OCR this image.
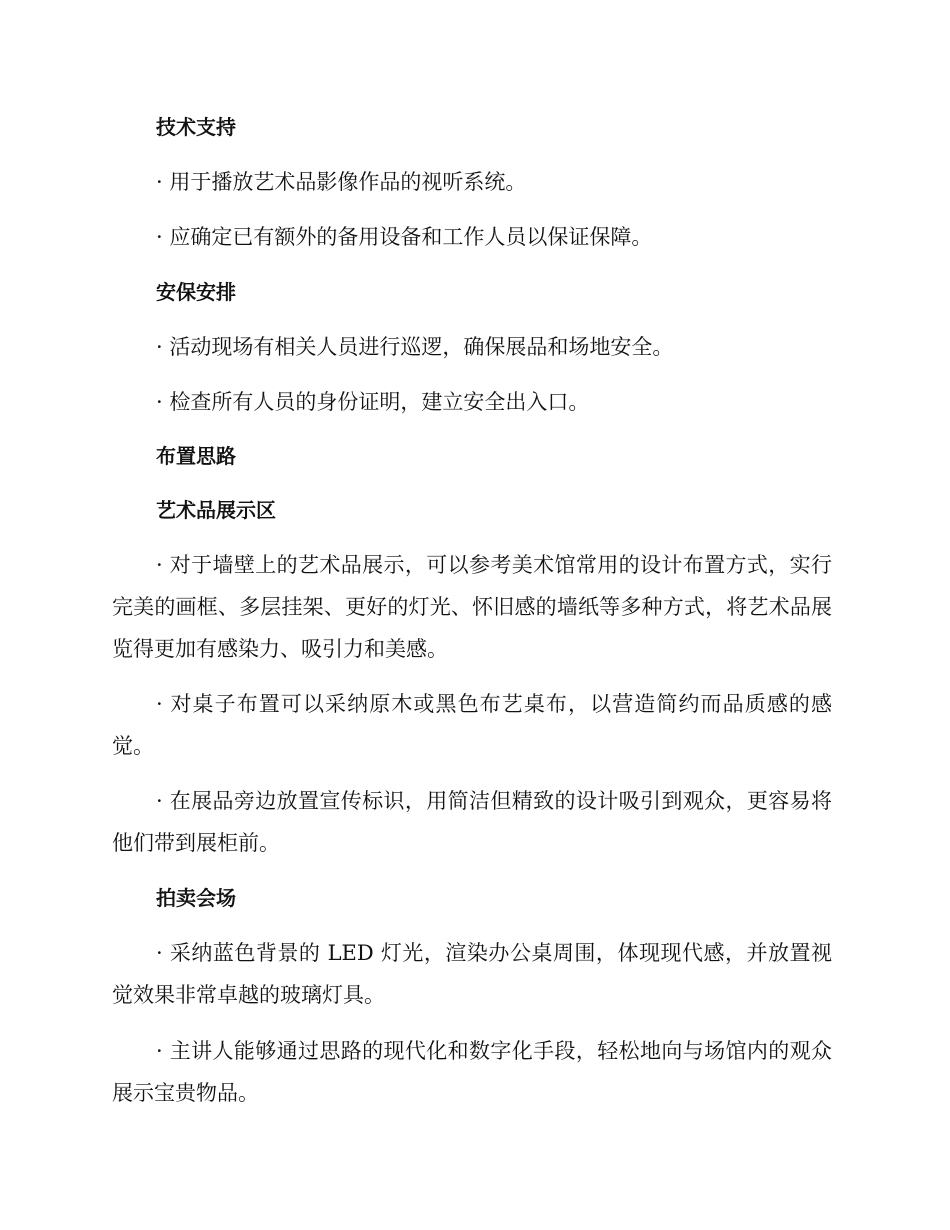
技术支持

· 用于播放艺术品影像作品的视听系统。

· 应确定已有额外的备用设备和工作人员以保证保障。

安保安排

· 活动现场有相关人员进行巡逻，确保展品和场地安全。

· 检查所有人员的身份证明，建立安全出入口。

布置思路
艺术品展示区

· 对于墙壁上的艺术品展示，可以参考美术馆常用的设计布置方式，实行完美的画框、多层挂架、更好的灯光、怀旧感的墙纸等多种方式，将艺术品展览得更加有感染力、吸引力和美感。

· 对桌子布置可以采纳原木或黑色布艺桌布，以营造简约而品质感的感觉。

· 在展品旁边放置宣传标识，用简洁但精致的设计吸引到观众，更容易将他们带到展柜前。

拍卖会场

· 采纳蓝色背景的 LED 灯光，渲染办公桌周围，体现现代感，并放置视觉效果非常卓越的玻璃灯具。

· 主讲人能够通过思路的现代化和数字化手段，轻松地向与场馆内的观众展示宝贵物品。
